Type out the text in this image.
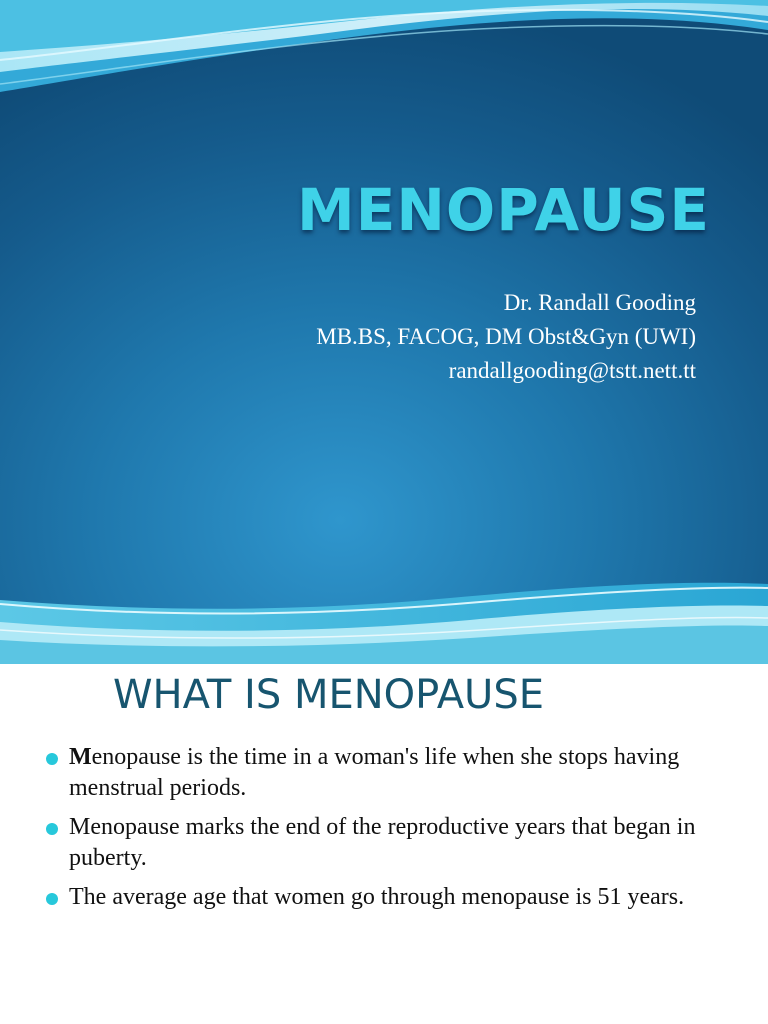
MENOPAUSE
Dr. Randall Gooding
MB.BS, FACOG, DM Obst&Gyn (UWI)
randallgooding@tstt.nett.tt
WHAT IS MENOPAUSE
Menopause is the time in a woman's life when she stops having menstrual periods.
Menopause marks the end of the reproductive years that began in puberty.
The average age that women go through menopause is 51 years.
